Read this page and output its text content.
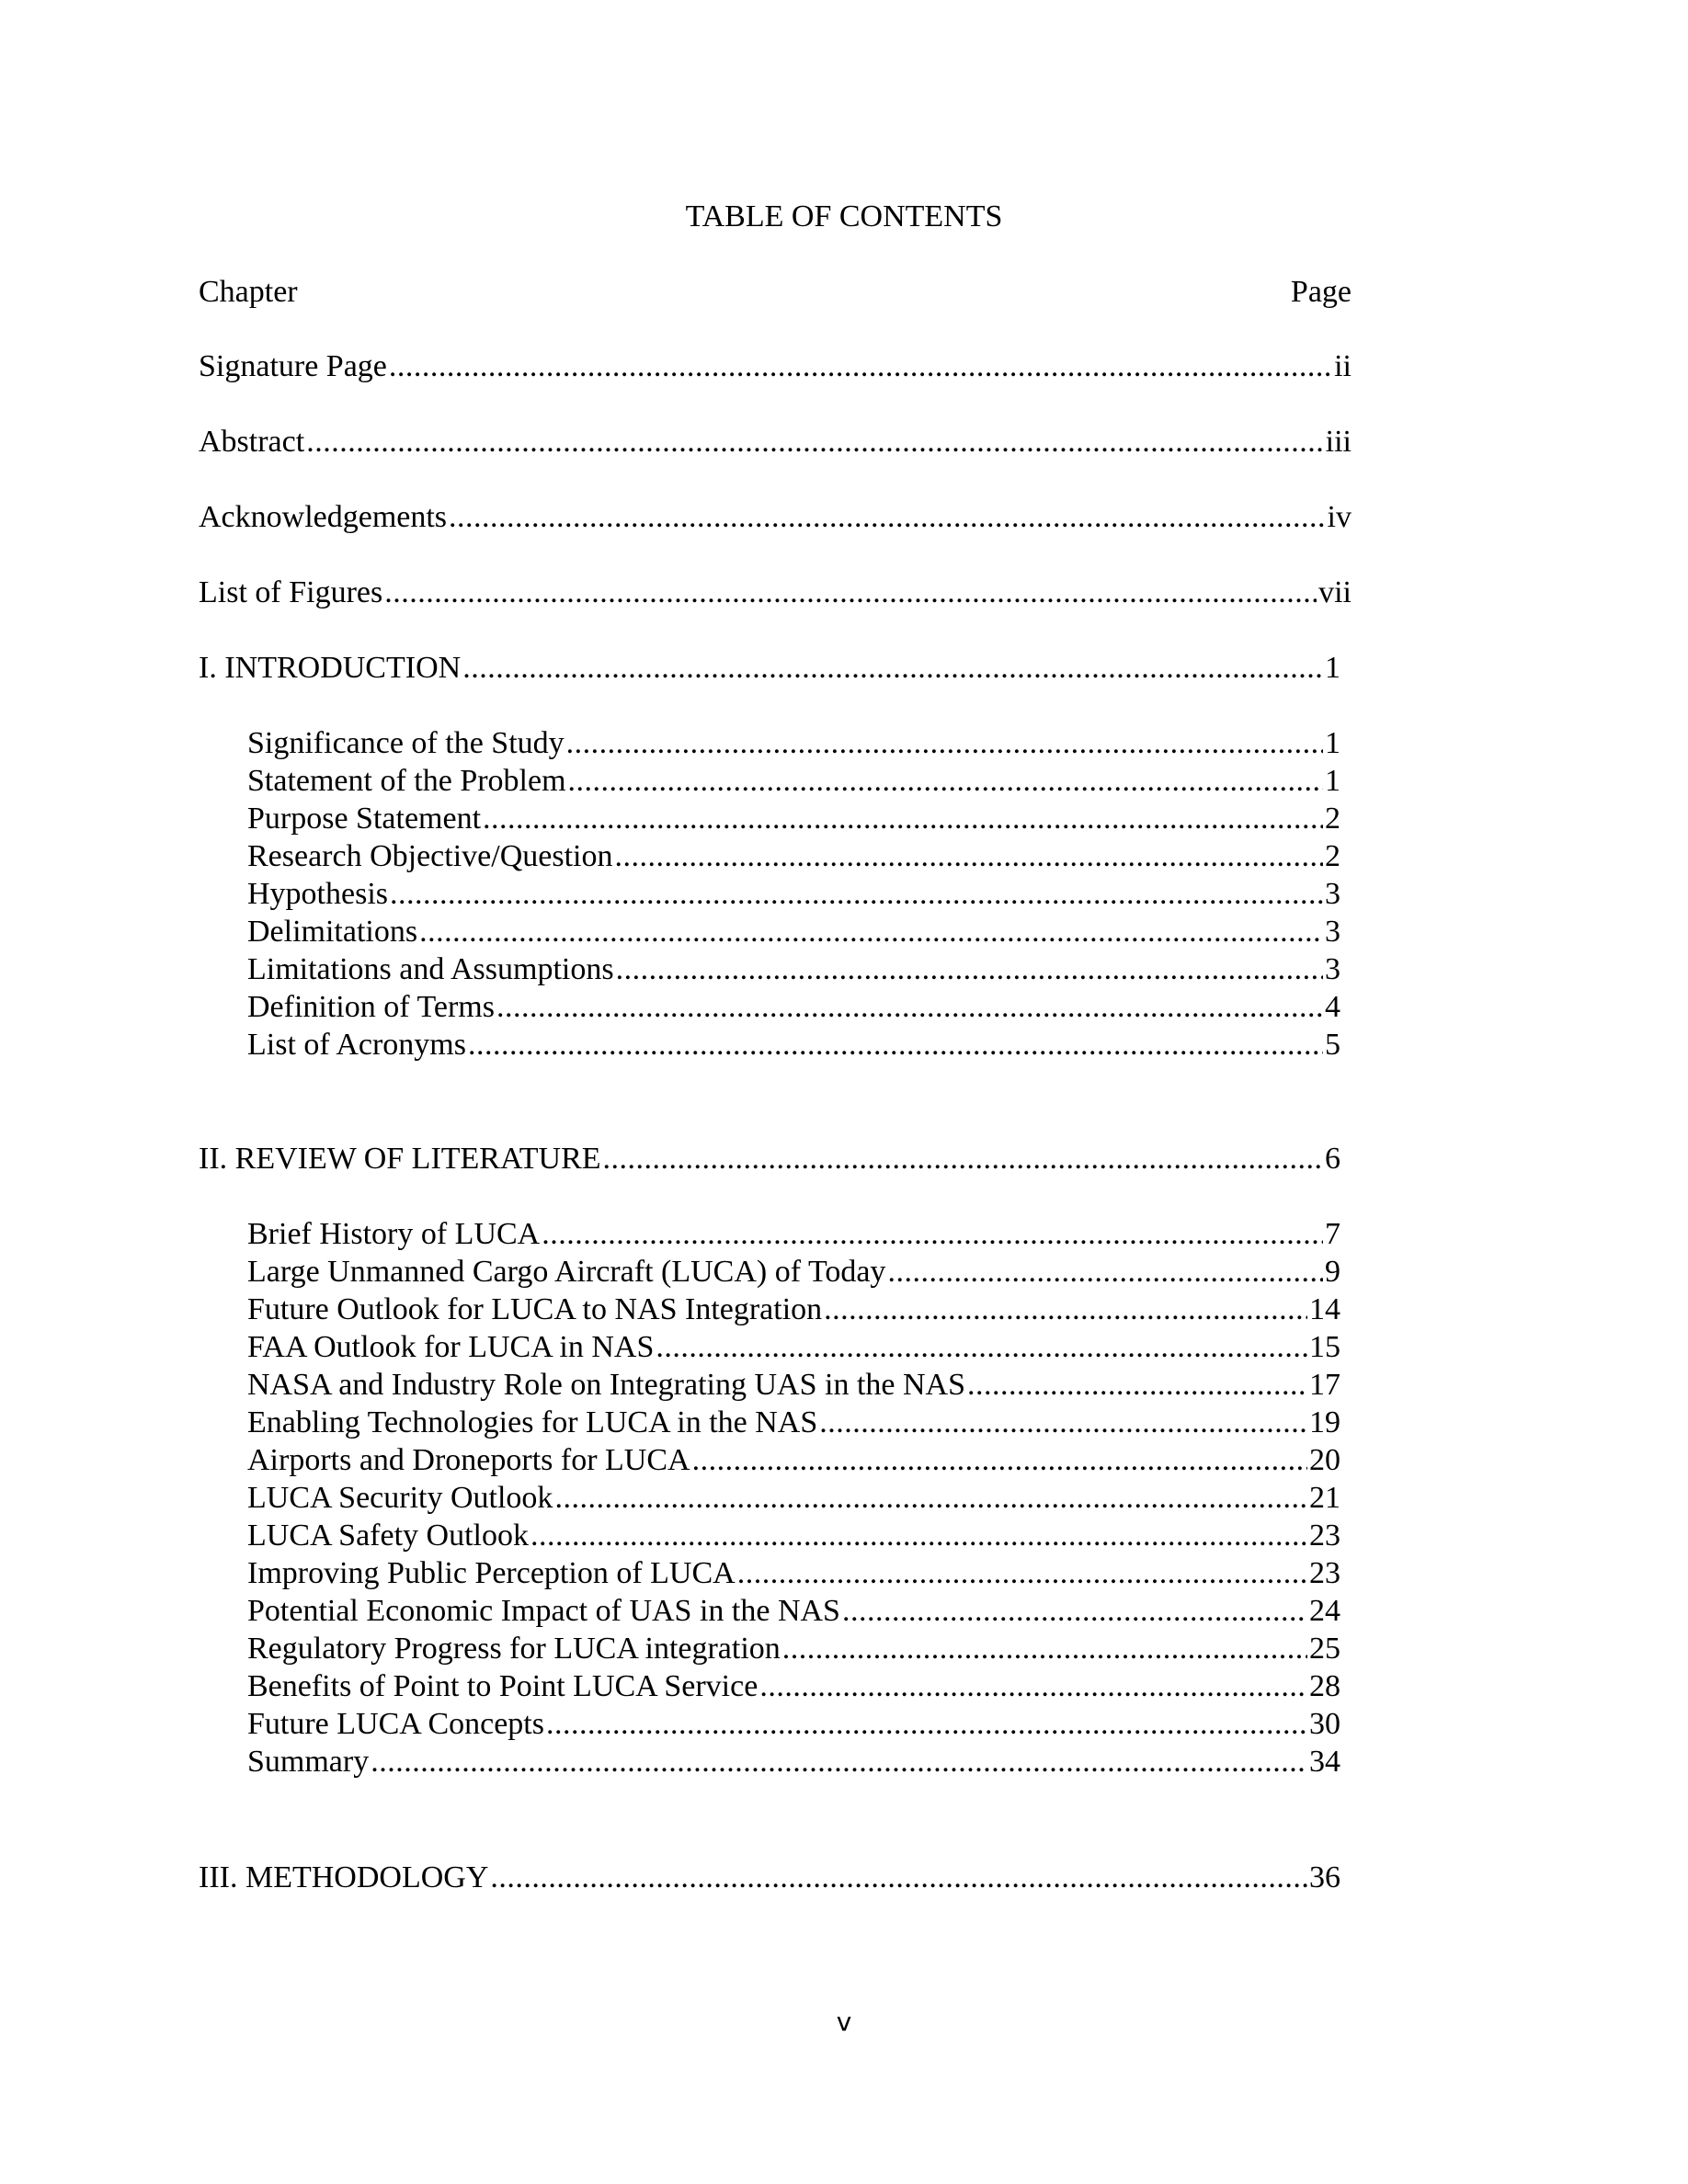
TABLE OF CONTENTS
Chapter	Page
Signature Page .....	ii
Abstract .....	iii
Acknowledgements .....	iv
List of Figures .....	vii
I. INTRODUCTION .....	1
Significance of the Study .....	1
Statement of the Problem .....	1
Purpose Statement .....	2
Research Objective/Question .....	2
Hypothesis .....	3
Delimitations .....	3
Limitations and Assumptions .....	3
Definition of Terms .....	4
List of Acronyms .....	5
II. REVIEW OF LITERATURE .....	6
Brief History of LUCA .....	7
Large Unmanned Cargo Aircraft (LUCA) of Today .....	9
Future Outlook for LUCA to NAS Integration .....	14
FAA Outlook for LUCA in NAS .....	15
NASA and Industry Role on Integrating UAS in the NAS .....	17
Enabling Technologies for LUCA in the NAS .....	19
Airports and Droneports for LUCA .....	20
LUCA Security Outlook .....	21
LUCA Safety Outlook .....	23
Improving Public Perception of LUCA .....	23
Potential Economic Impact of UAS in the NAS .....	24
Regulatory Progress for LUCA integration .....	25
Benefits of Point to Point LUCA Service .....	28
Future LUCA Concepts .....	30
Summary .....	34
III. METHODOLOGY .....	36
v
